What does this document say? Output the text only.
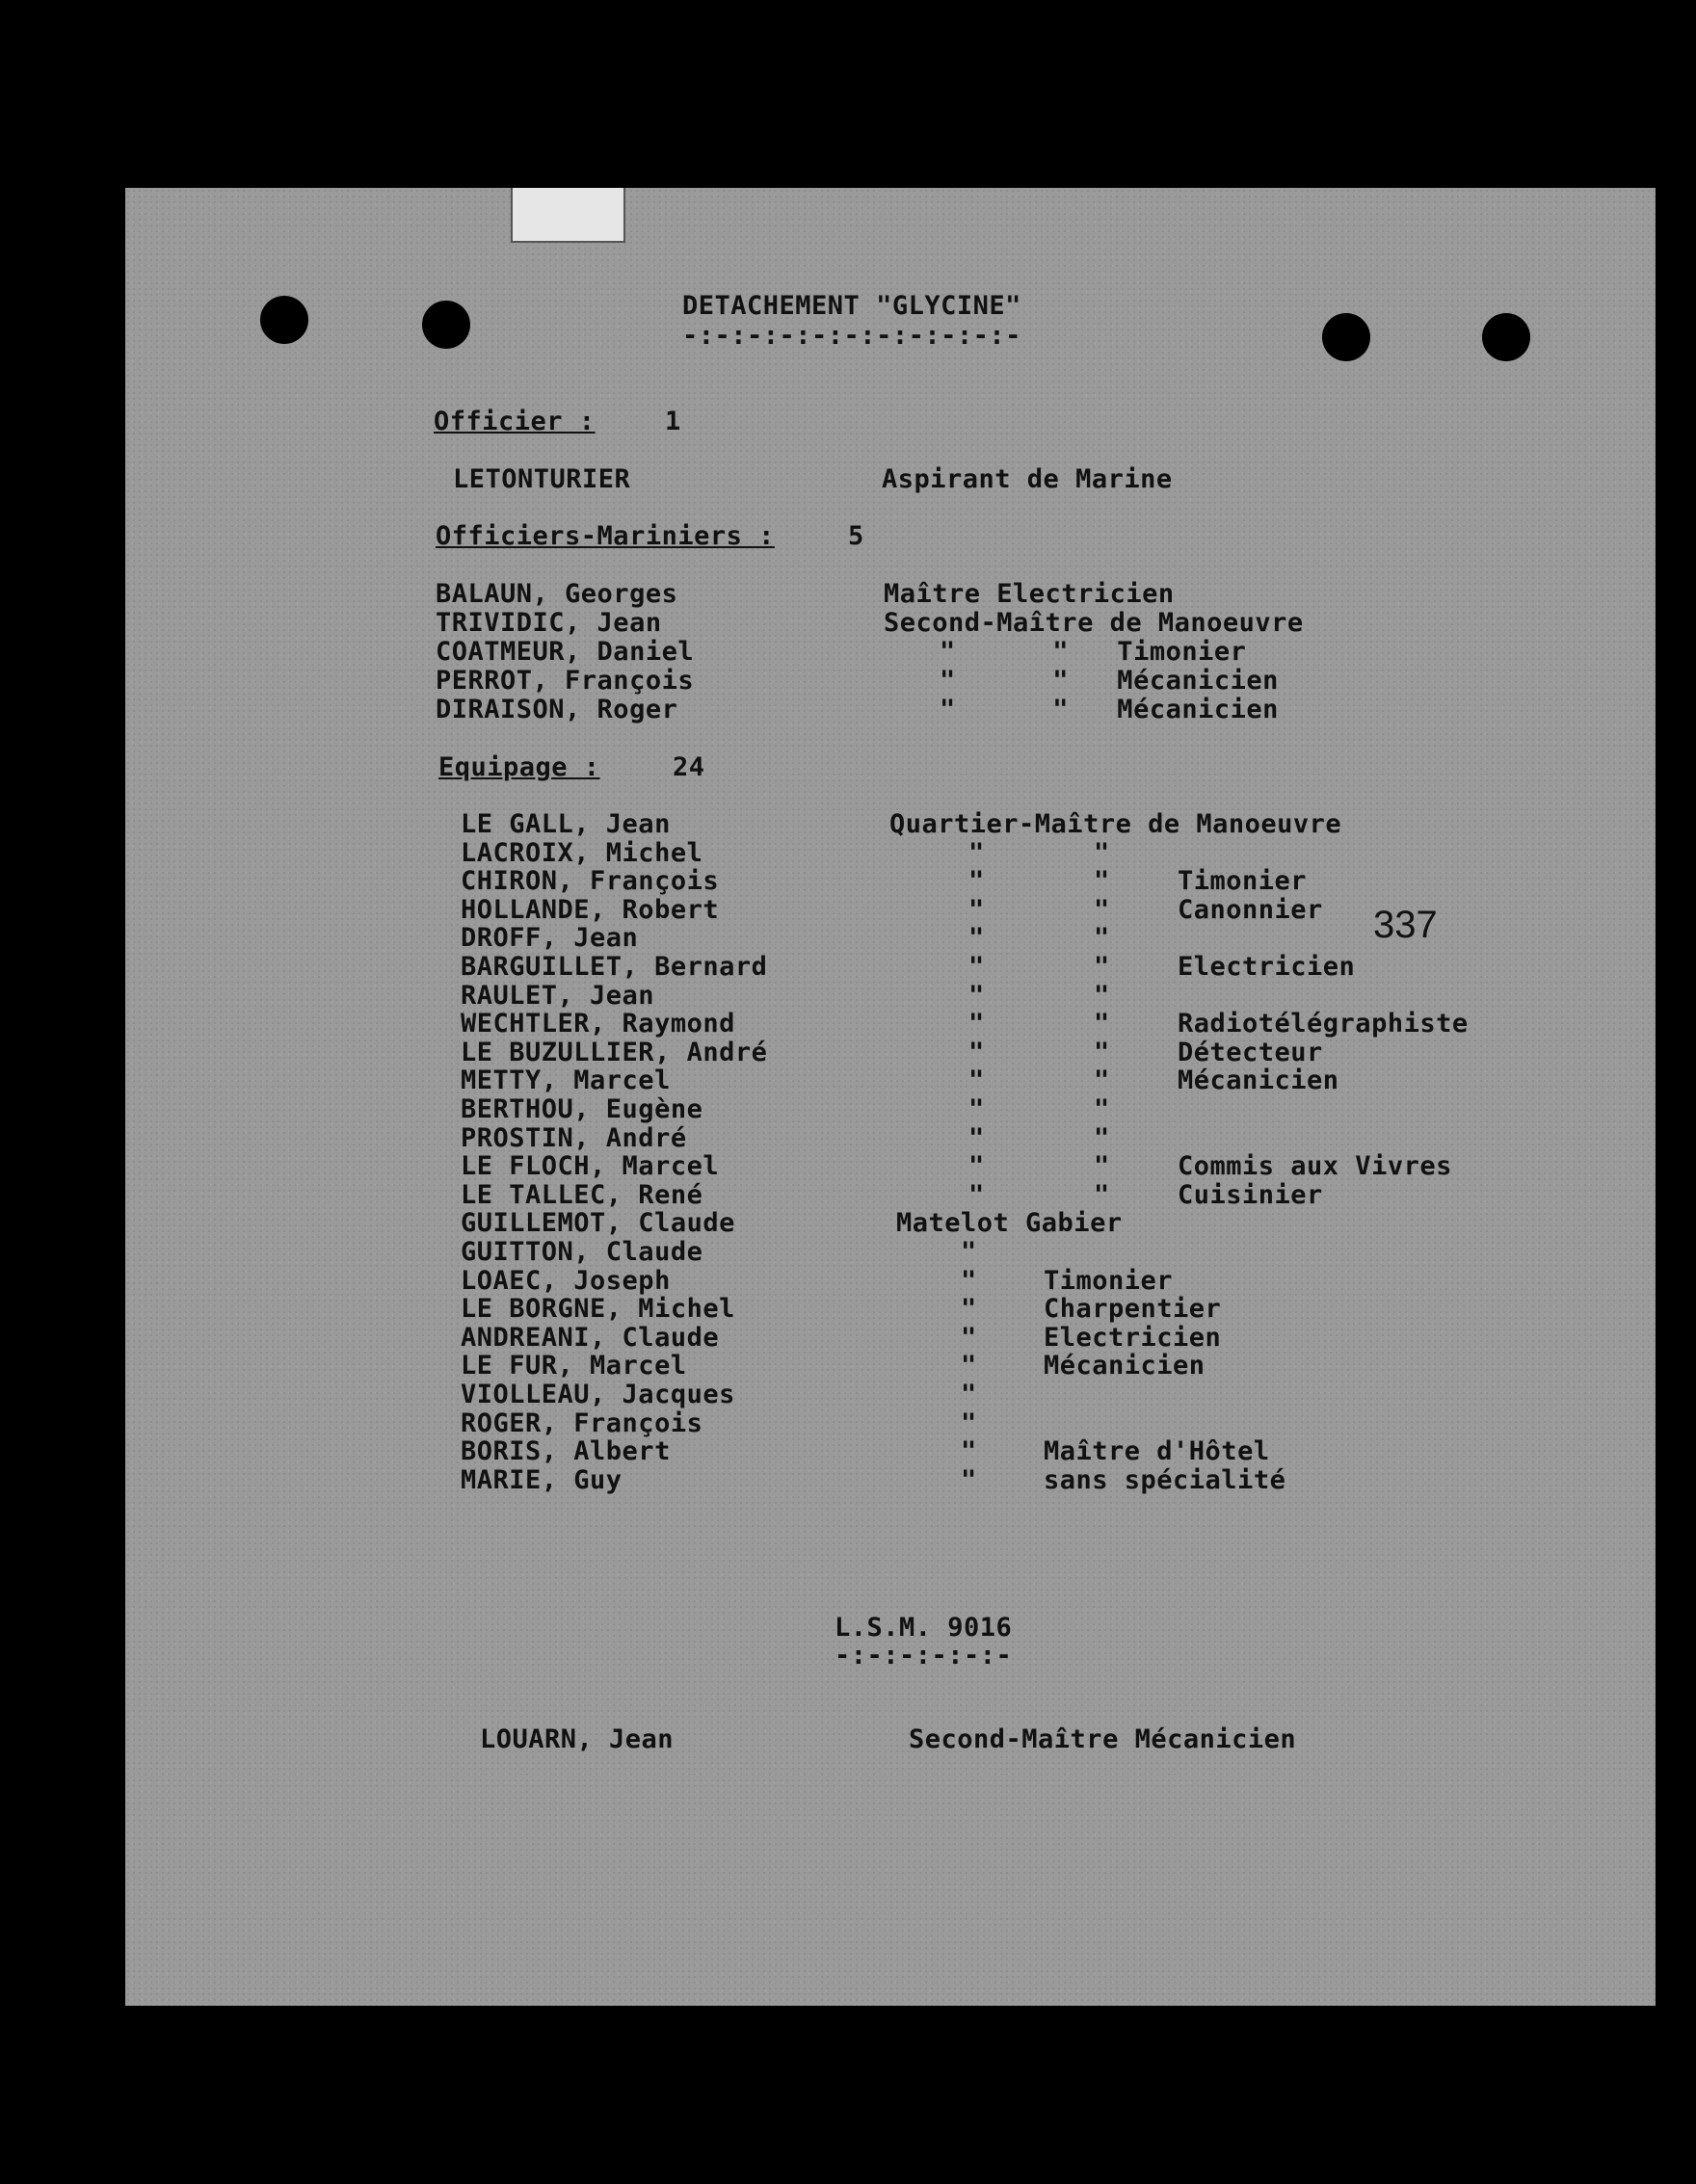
DETACHEMENT "GLYCINE"
-:-:-:-:-:-:-:-:-:-:-
Officier :	1
LETONTURIER	Aspirant de Marine
Officiers-Mariniers :	5
BALAUN, Georges	Maître Electricien
TRIVIDIC, Jean	Second-Maître de Manoeuvre
COATMEUR, Daniel	"      "   Timonier
PERROT, François	"      "   Mécanicien
DIRAISON, Roger	"      "   Mécanicien
Equipage :	24
LE GALL, Jean	Quartier-Maître de Manoeuvre
LACROIX, Michel	"	"
CHIRON, François	"	"	Timonier
HOLLANDE, Robert	"	"	Canonnier
DROFF, Jean	"	"
BARGUILLET, Bernard	"	"	Electricien
RAULET, Jean	"	"
WECHTLER, Raymond	"	"	Radiotélégraphiste
LE BUZULLIER, André	"	"	Détecteur
METTY, Marcel	"	"	Mécanicien
BERTHOU, Eugène	"	"
PROSTIN, André	"	"
LE FLOCH, Marcel	"	"	Commis aux Vivres
LE TALLEC, René	"	"	Cuisinier
GUILLEMOT, Claude	Matelot Gabier
GUITTON, Claude	"
LOAEC, Joseph	"	Timonier
LE BORGNE, Michel	"	Charpentier
ANDREANI, Claude	"	Electricien
LE FUR, Marcel	"	Mécanicien
VIOLLEAU, Jacques	"
ROGER, François	"
BORIS, Albert	"	Maître d'Hôtel
MARIE, Guy	"	sans spécialité
L.S.M. 9016
-:-:-:-:-:-
LOUARN, Jean	Second-Maître Mécanicien
337
